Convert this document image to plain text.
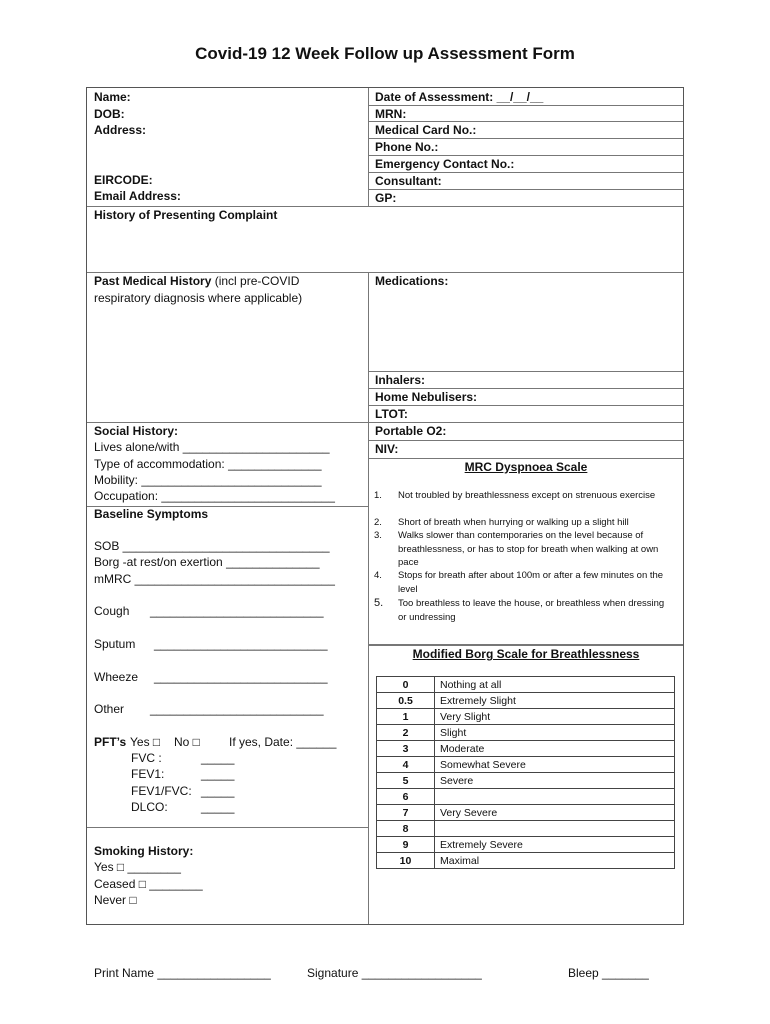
Covid-19 12 Week Follow up Assessment Form
Name:
DOB:
Address:
EIRCODE:
Email Address:
Date of Assessment: __/__/__
MRN:
Medical Card No.:
Phone No.:
Emergency Contact No.:
Consultant:
GP:
History of Presenting Complaint
Past Medical History (incl pre-COVID
respiratory diagnosis where applicable)
Medications:
Inhalers:
Home Nebulisers:
LTOT:
Portable O2:
NIV:
Social History:
Lives alone/with ______________________
Type of accommodation: ______________
Mobility: ___________________________
Occupation: __________________________
Baseline Symptoms
SOB _______________________________
Borg -at rest/on exertion ______________
mMRC ______________________________
Cough __________________________
Sputum __________________________
Wheeze __________________________
Other __________________________
PFT’s Yes □ No □ If yes, Date: ______
FVC :	_____
FEV1:	_____
FEV1/FVC: _____
DLCO:	_____
Smoking History:
Yes □ ________
Ceased □ ________
Never □
MRC Dyspnoea Scale
1. Not troubled by breathlessness except on strenuous exercise
2. Short of breath when hurrying or walking up a slight hill
3. Walks slower than contemporaries on the level because of breathlessness, or has to stop for breath when walking at own pace
4. Stops for breath after about 100m or after a few minutes on the level
5. Too breathless to leave the house, or breathless when dressing or undressing
Modified Borg Scale for Breathlessness
0	Nothing at all
0.5	Extremely Slight
1	Very Slight
2	Slight
3	Moderate
4	Somewhat Severe
5	Severe
6	
7	Very Severe
8	
9	Extremely Severe
10	Maximal
Print Name _________________	Signature __________________	Bleep _______
